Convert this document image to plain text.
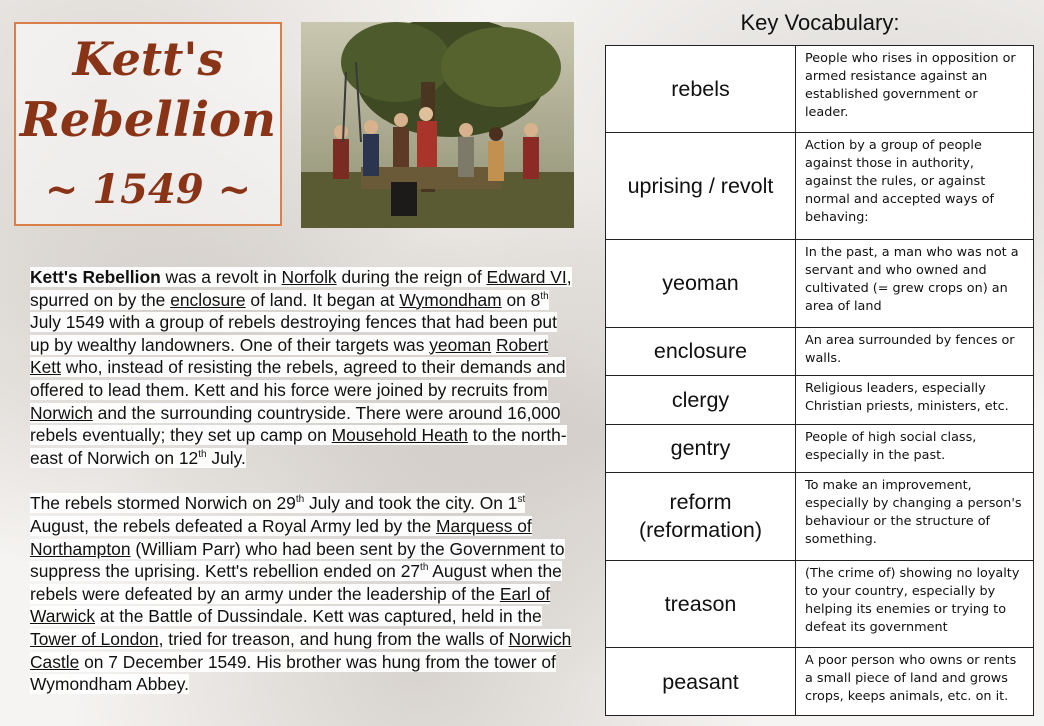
Kett's
Rebellion
~ 1549 ~

Kett's Rebellion was a revolt in Norfolk during the reign of Edward VI, spurred on by the enclosure of land. It began at Wymondham on 8th July 1549 with a group of rebels destroying fences that had been put up by wealthy landowners. One of their targets was yeoman Robert Kett who, instead of resisting the rebels, agreed to their demands and offered to lead them. Kett and his force were joined by recruits from Norwich and the surrounding countryside. There were around 16,000 rebels eventually; they set up camp on Mousehold Heath to the north-east of Norwich on 12th July.

The rebels stormed Norwich on 29th July and took the city. On 1st August, the rebels defeated a Royal Army led by the Marquess of Northampton (William Parr) who had been sent by the Government to suppress the uprising. Kett's rebellion ended on 27th August when the rebels were defeated by an army under the leadership of the Earl of Warwick at the Battle of Dussindale. Kett was captured, held in the Tower of London, tried for treason, and hung from the walls of Norwich Castle on 7 December 1549. His brother was hung from the tower of Wymondham Abbey.

Key Vocabulary:
rebels	People who rises in opposition or armed resistance against an established government or leader.
uprising / revolt	Action by a group of people against those in authority, against the rules, or against normal and accepted ways of behaving:
yeoman	In the past, a man who was not a servant and who owned and cultivated (= grew crops on) an area of land
enclosure	An area surrounded by fences or walls.
clergy	Religious leaders, especially Christian priests, ministers, etc.
gentry	People of high social class, especially in the past.
reform (reformation)	To make an improvement, especially by changing a person's behaviour or the structure of something.
treason	(The crime of) showing no loyalty to your country, especially by helping its enemies or trying to defeat its government
peasant	A poor person who owns or rents a small piece of land and grows crops, keeps animals, etc. on it.
